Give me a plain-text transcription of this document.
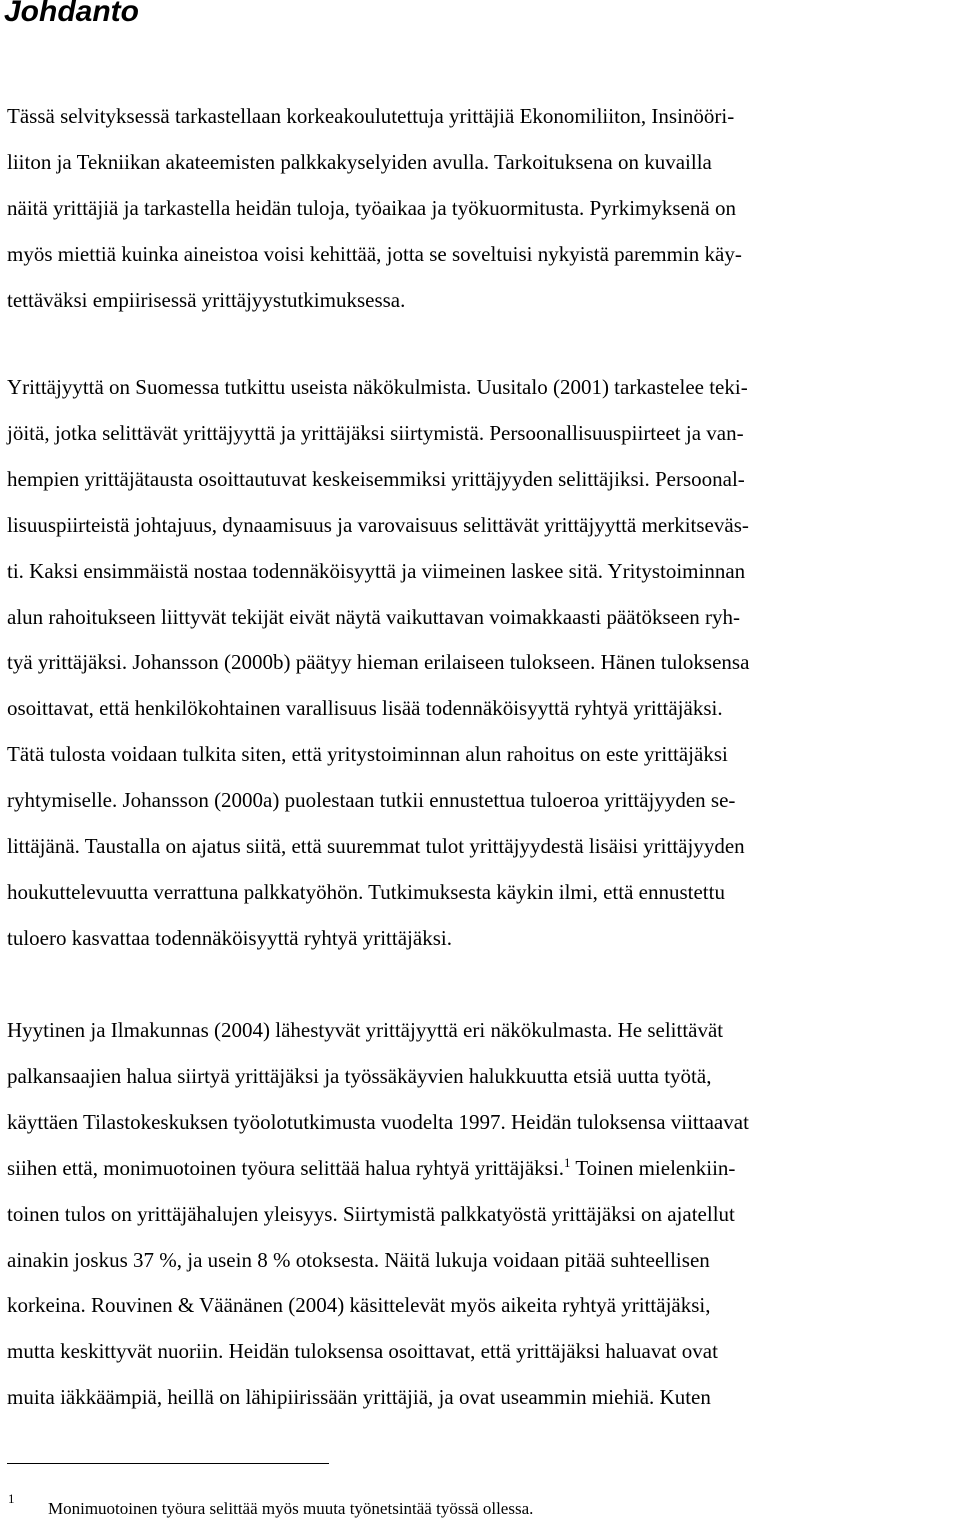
Johdanto
Tässä selvityksessä tarkastellaan korkeakoulutettuja yrittäjiä Ekonomiliiton, Insinööri-
liiton ja Tekniikan akateemisten palkkakyselyiden avulla. Tarkoituksena on kuvailla
näitä yrittäjiä ja tarkastella heidän tuloja, työaikaa ja työkuormitusta. Pyrkimyksenä on
myös miettiä kuinka aineistoa voisi kehittää, jotta se soveltuisi nykyistä paremmin käy-
tettäväksi empiirisessä yrittäjyystutkimuksessa.
Yrittäjyyttä on Suomessa tutkittu useista näkökulmista. Uusitalo (2001) tarkastelee teki-
jöitä, jotka selittävät yrittäjyyttä ja yrittäjäksi siirtymistä. Persoonallisuuspiirteet ja van-
hempien yrittäjätausta osoittautuvat keskeisemmiksi yrittäjyyden selittäjiksi. Persoonal-
lisuuspiirteistä johtajuus, dynaamisuus ja varovaisuus selittävät yrittäjyyttä merkitseväs-
ti. Kaksi ensimmäistä nostaa todennäköisyyttä ja viimeinen laskee sitä. Yritystoiminnan
alun rahoitukseen liittyvät tekijät eivät näytä vaikuttavan voimakkaasti päätökseen ryh-
tyä yrittäjäksi. Johansson (2000b) päätyy hieman erilaiseen tulokseen. Hänen tuloksensa
osoittavat, että henkilökohtainen varallisuus lisää todennäköisyyttä ryhtyä yrittäjäksi.
Tätä tulosta voidaan tulkita siten, että yritystoiminnan alun rahoitus on este yrittäjäksi
ryhtymiselle. Johansson (2000a) puolestaan tutkii ennustettua tuloeroa yrittäjyyden se-
littäjänä. Taustalla on ajatus siitä, että suuremmat tulot yrittäjyydestä lisäisi yrittäjyyden
houkuttelevuutta verrattuna palkkatyöhön. Tutkimuksesta käykin ilmi, että ennustettu
tuloero kasvattaa todennäköisyyttä ryhtyä yrittäjäksi.
Hyytinen ja Ilmakunnas (2004) lähestyvät yrittäjyyttä eri näkökulmasta. He selittävät
palkansaajien halua siirtyä yrittäjäksi ja työssäkäyvien halukkuutta etsiä uutta työtä,
käyttäen Tilastokeskuksen työolotutkimusta vuodelta 1997. Heidän tuloksensa viittaavat
siihen että, monimuotoinen työura selittää halua ryhtyä yrittäjäksi.$^1$ Toinen mielenkiin-
toinen tulos on yrittäjähalujen yleisyys. Siirtymistä palkkatyöstä yrittäjäksi on ajatellut
ainakin joskus 37 %, ja usein 8 % otoksesta. Näitä lukuja voidaan pitää suhteellisen
korkeina. Rouvinen & Väänänen (2004) käsittelevät myös aikeita ryhtyä yrittäjäksi,
mutta keskittyvät nuoriin. Heidän tuloksensa osoittavat, että yrittäjäksi haluavat ovat
muita iäkkäämpiä, heillä on lähipiirissään yrittäjiä, ja ovat useammin miehiä. Kuten
1
Monimuotoinen työura selittää myös muuta työnetsintää työssä ollessa.
